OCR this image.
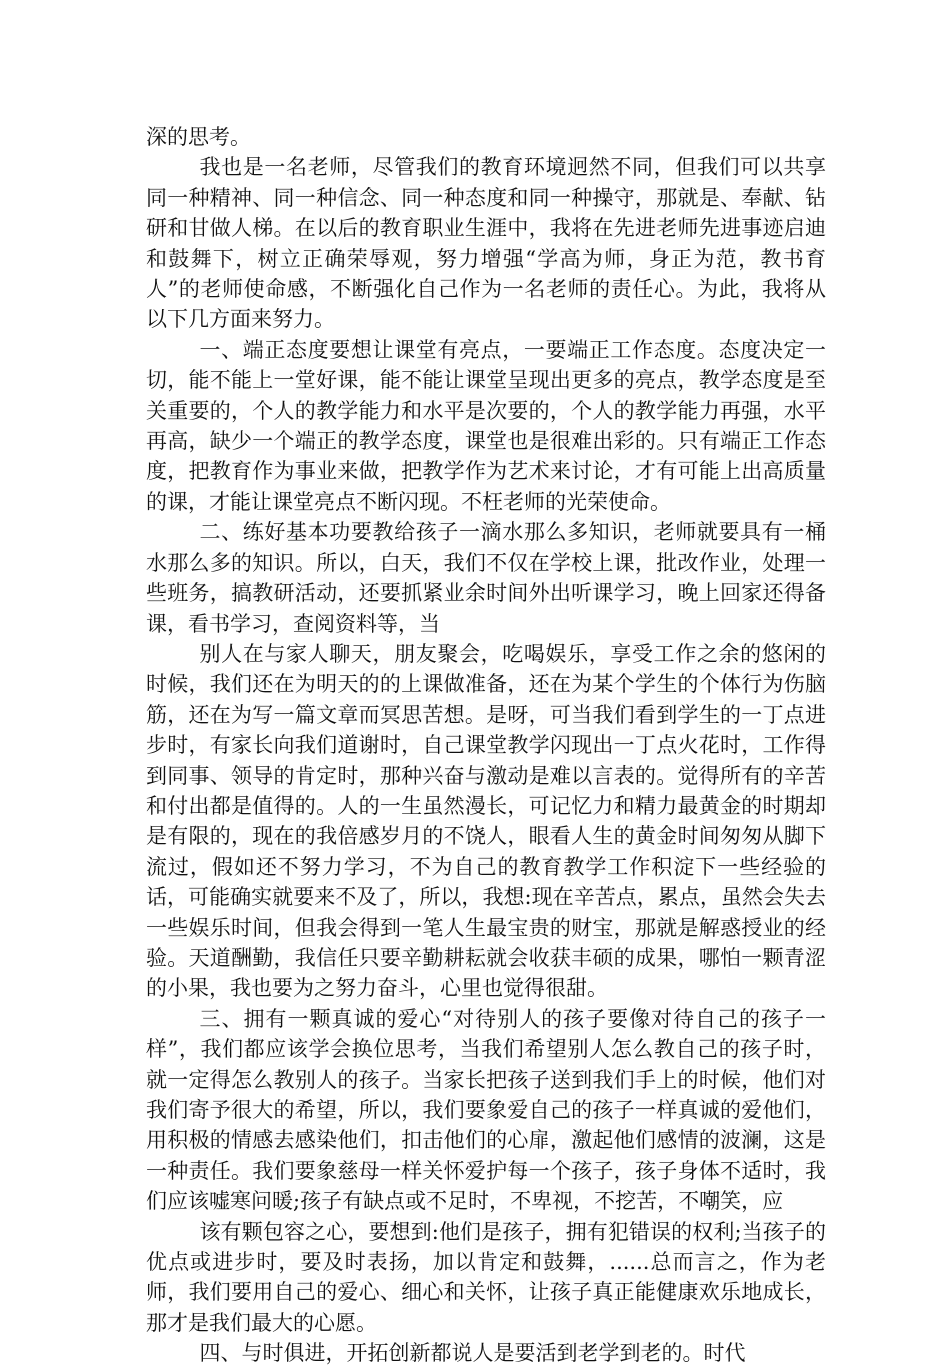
深的思考。

我也是一名老师，尽管我们的教育环境迥然不同，但我们可以共享同一种精神、同一种信念、同一种态度和同一种操守，那就是、奉献、钻研和甘做人梯。在以后的教育职业生涯中，我将在先进老师先进事迹启迪和鼓舞下，树立正确荣辱观，努力增强“学高为师，身正为范，教书育人”的老师使命感，不断强化自己作为一名老师的责任心。为此，我将从以下几方面来努力。

一、端正态度要想让课堂有亮点，一要端正工作态度。态度决定一切，能不能上一堂好课，能不能让课堂呈现出更多的亮点，教学态度是至关重要的，个人的教学能力和水平是次要的，个人的教学能力再强，水平再高，缺少一个端正的教学态度，课堂也是很难出彩的。只有端正工作态度，把教育作为事业来做，把教学作为艺术来讨论，才有可能上出高质量的课，才能让课堂亮点不断闪现。不枉老师的光荣使命。

二、练好基本功要教给孩子一滴水那么多知识，老师就要具有一桶水那么多的知识。所以，白天，我们不仅在学校上课，批改作业，处理一些班务，搞教研活动，还要抓紧业余时间外出听课学习，晚上回家还得备课，看书学习，查阅资料等，当

别人在与家人聊天，朋友聚会，吃喝娱乐，享受工作之余的悠闲的时候，我们还在为明天的的上课做准备，还在为某个学生的个体行为伤脑筋，还在为写一篇文章而冥思苦想。是呀，可当我们看到学生的一丁点进步时，有家长向我们道谢时，自己课堂教学闪现出一丁点火花时，工作得到同事、领导的肯定时，那种兴奋与激动是难以言表的。觉得所有的辛苦和付出都是值得的。人的一生虽然漫长，可记忆力和精力最黄金的时期却是有限的，现在的我倍感岁月的不饶人，眼看人生的黄金时间匆匆从脚下流过，假如还不努力学习，不为自己的教育教学工作积淀下一些经验的话，可能确实就要来不及了，所以，我想:现在辛苦点，累点，虽然会失去一些娱乐时间，但我会得到一笔人生最宝贵的财宝，那就是解惑授业的经验。天道酬勤，我信任只要辛勤耕耘就会收获丰硕的成果，哪怕一颗青涩的小果，我也要为之努力奋斗，心里也觉得很甜。

三、拥有一颗真诚的爱心“对待别人的孩子要像对待自己的孩子一样”，我们都应该学会换位思考，当我们希望别人怎么教自己的孩子时，就一定得怎么教别人的孩子。当家长把孩子送到我们手上的时候，他们对我们寄予很大的希望，所以，我们要象爱自己的孩子一样真诚的爱他们，用积极的情感去感染他们，扣击他们的心扉，激起他们感情的波澜，这是一种责任。我们要象慈母一样关怀爱护每一个孩子，孩子身体不适时，我们应该嘘寒问暖;孩子有缺点或不足时，不卑视，不挖苦，不嘲笑，应

该有颗包容之心，要想到:他们是孩子，拥有犯错误的权利;当孩子的优点或进步时，要及时表扬，加以肯定和鼓舞，......总而言之，作为老师，我们要用自己的爱心、细心和关怀，让孩子真正能健康欢乐地成长，那才是我们最大的心愿。

四、与时俱进，开拓创新都说人是要活到老学到老的。时代
